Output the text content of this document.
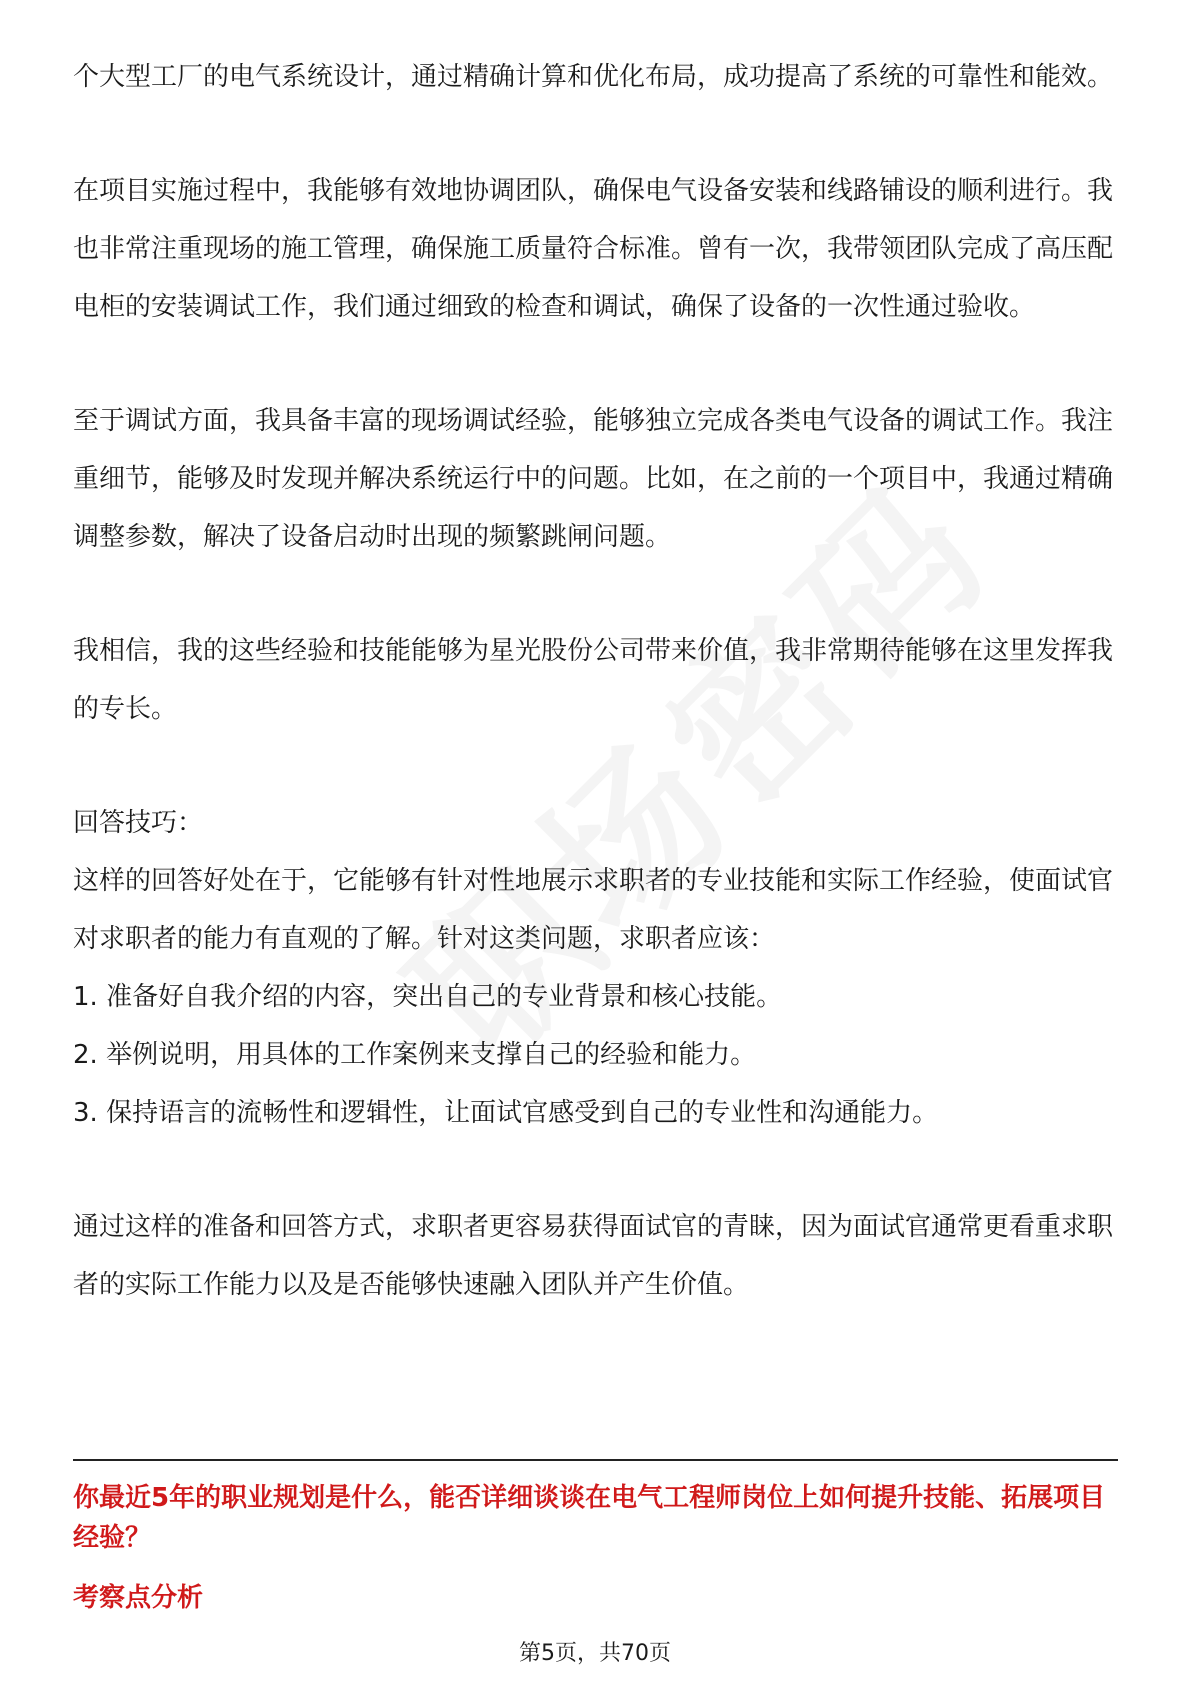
个大型工厂的电气系统设计，通过精确计算和优化布局，成功提高了系统的可靠性和能效。

在项目实施过程中，我能够有效地协调团队，确保电气设备安装和线路铺设的顺利进行。我也非常注重现场的施工管理，确保施工质量符合标准。曾有一次，我带领团队完成了高压配电柜的安装调试工作，我们通过细致的检查和调试，确保了设备的一次性通过验收。

至于调试方面，我具备丰富的现场调试经验，能够独立完成各类电气设备的调试工作。我注重细节，能够及时发现并解决系统运行中的问题。比如，在之前的一个项目中，我通过精确调整参数，解决了设备启动时出现的频繁跳闸问题。

我相信，我的这些经验和技能能够为星光股份公司带来价值，我非常期待能够在这里发挥我的专长。

回答技巧：

这样的回答好处在于，它能够有针对性地展示求职者的专业技能和实际工作经验，使面试官对求职者的能力有直观的了解。针对这类问题，求职者应该：

1. 准备好自我介绍的内容，突出自己的专业背景和核心技能。

2. 举例说明，用具体的工作案例来支撑自己的经验和能力。

3. 保持语言的流畅性和逻辑性，让面试官感受到自己的专业性和沟通能力。

通过这样的准备和回答方式，求职者更容易获得面试官的青睐，因为面试官通常更看重求职者的实际工作能力以及是否能够快速融入团队并产生价值。

你最近5年的职业规划是什么，能否详细谈谈在电气工程师岗位上如何提升技能、拓展项目经验？
考察点分析
第5页，共70页
